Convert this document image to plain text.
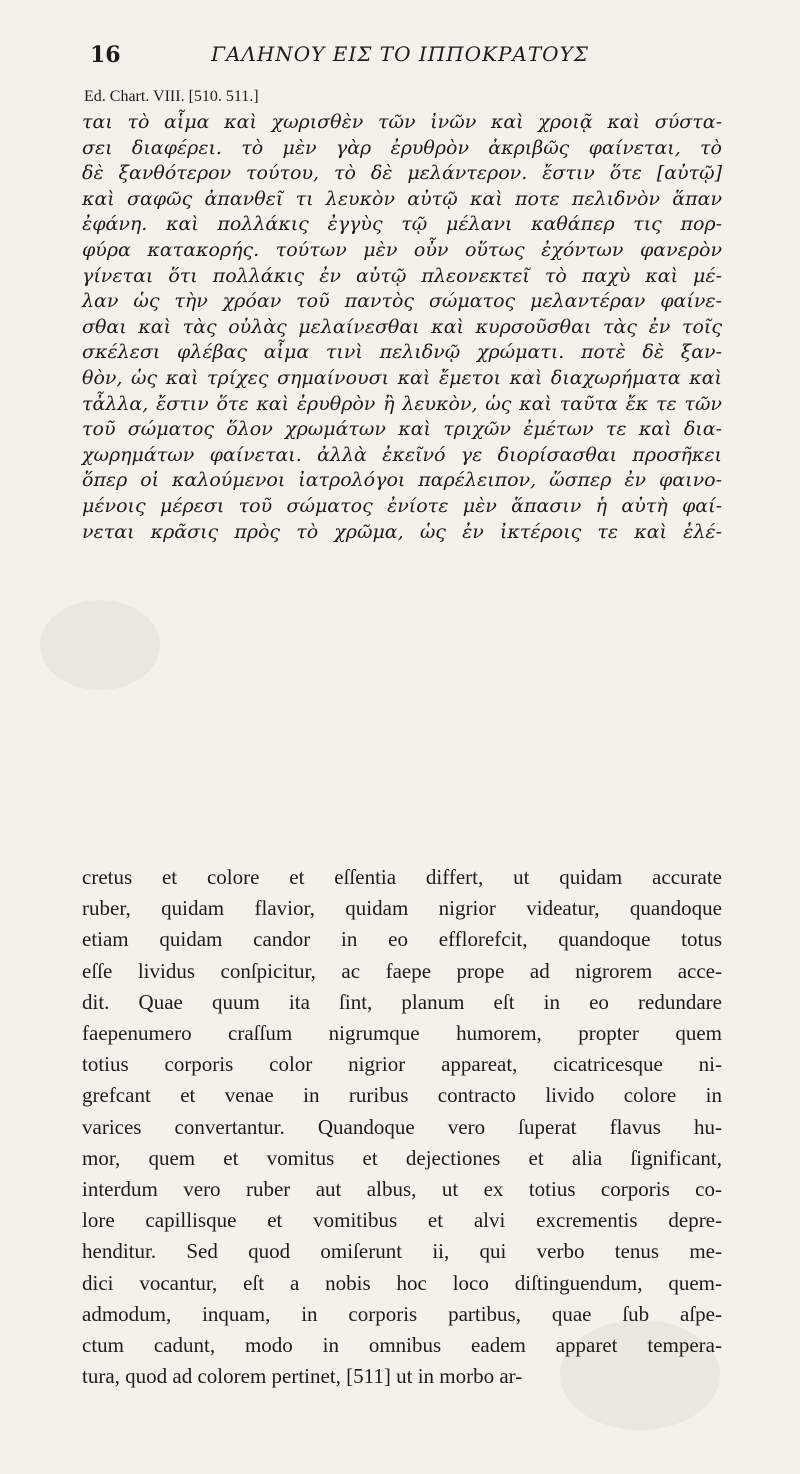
16	ΓΑΛΗΝΟΥ ΕΙΣ ΤΟ ΙΠΠΟΚΡΑΤΟΥΣ
Ed. Chart. VIII. [510. 511.]

ται τὸ αἷμα καὶ χωρισθὲν τῶν ἰνῶν καὶ χροιᾷ καὶ σύστα-

σει διαφέρει. τὸ μὲν γὰρ ἐρυθρὸν ἀκριβῶς φαίνεται, τὸ

δὲ ξανθότερον τούτου, τὸ δὲ μελάντερον. ἔστιν ὅτε [αὐτῷ]

καὶ σαφῶς ἀπανθεῖ τι λευκὸν αὐτῷ καὶ ποτε πελιδνὸν ἅπαν

ἐφάνη. καὶ πολλάκις ἐγγὺς τῷ μέλανι καθάπερ τις πορ-

φύρα κατακορής. τούτων μὲν οὖν οὕτως ἐχόντων φανερὸν

γίνεται ὅτι πολλάκις ἐν αὐτῷ πλεονεκτεῖ τὸ παχὺ καὶ μέ-

λαν ὡς τὴν χρόαν τοῦ παντὸς σώματος μελαντέραν φαίνε-

σθαι καὶ τὰς οὐλὰς μελαίνεσθαι καὶ κυρσοῦσθαι τὰς ἐν τοῖς

σκέλεσι φλέβας αἷμα τινὶ πελιδνῷ χρώματι. ποτὲ δὲ ξαν-

θὸν, ὡς καὶ τρίχες σημαίνουσι καὶ ἔμετοι καὶ διαχωρήματα καὶ

τἆλλα, ἔστιν ὅτε καὶ ἐρυθρὸν ἢ λευκὸν, ὡς καὶ ταῦτα ἔκ τε τῶν

τοῦ σώματος ὅλον χρωμάτων καὶ τριχῶν ἐμέτων τε καὶ δια-

χωρημάτων φαίνεται. ἀλλὰ ἐκεῖνό γε διορίσασθαι προσῆκει

ὅπερ οἱ καλούμενοι ἰατρολόγοι παρέλειπον, ὥσπερ ἐν φαινο-

μένοις μέρεσι τοῦ σώματος ἐνίοτε μὲν ἅπασιν ἡ αὐτὴ φαί-

νεται κρᾶσις πρὸς τὸ χρῶμα, ὡς ἐν ἰκτέροις τε καὶ ἐλέ-

cretus et colore et eſſentia differt, ut quidam accurate

ruber, quidam flavior, quidam nigrior videatur, quandoque

etiam quidam candor in eo efflorefcit, quandoque totus

eſſe lividus conſpicitur, ac faepe prope ad nigrorem acce-

dit. Quae quum ita ſint, planum eſt in eo redundare

faepenumero craſſum nigrumque humorem, propter quem

totius corporis color nigrior appareat, cicatricesque ni-

grefcant et venae in ruribus contracto livido colore in

varices convertantur. Quandoque vero ſuperat flavus hu-

mor, quem et vomitus et dejectiones et alia ſignificant,

interdum vero ruber aut albus, ut ex totius corporis co-

lore capillisque et vomitibus et alvi excrementis depre-

henditur. Sed quod omiſerunt ii, qui verbo tenus me-

dici vocantur, eſt a nobis hoc loco diſtinguendum, quem-

admodum, inquam, in corporis partibus, quae ſub aſpe-

ctum cadunt, modo in omnibus eadem apparet tempera-

tura, quod ad colorem pertinet, [511] ut in morbo ar-
